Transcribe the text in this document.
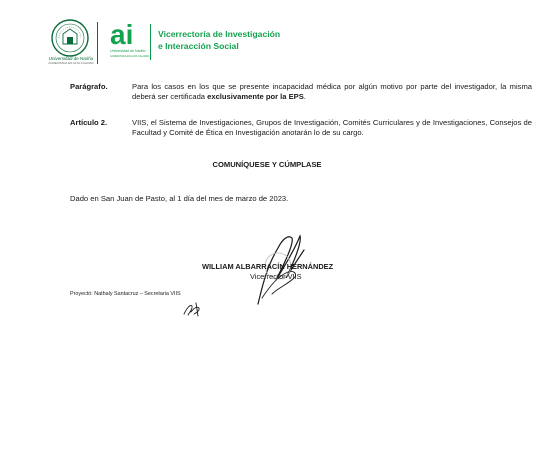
Universidad de Nariño
ACREDITADA EN ALTA CALIDAD
ai
Universidad de Nariño
ACREDITADA EN ALTA CALIDAD

Vicerrectoría de Investigación
e Interacción Social

Parágrafo.	Para los casos en los que se presente incapacidad médica por algún motivo por parte del investigador, la misma deberá ser certificada exclusivamente por la EPS.
Artículo 2.	VIIS, el Sistema de Investigaciones, Grupos de Investigación, Comités Curriculares y de Investigaciones, Consejos de Facultad y Comité de Ética en Investigación anotarán lo de su cargo.
COMUNÍQUESE Y CÚMPLASE
Dado en San Juan de Pasto, al 1 día del mes de marzo de 2023.
WILLIAM ALBARRACÍN HERNÁNDEZ
Vicerrector VIIS
Proyectó: Nathaly Santacruz – Secretaria VIIS
